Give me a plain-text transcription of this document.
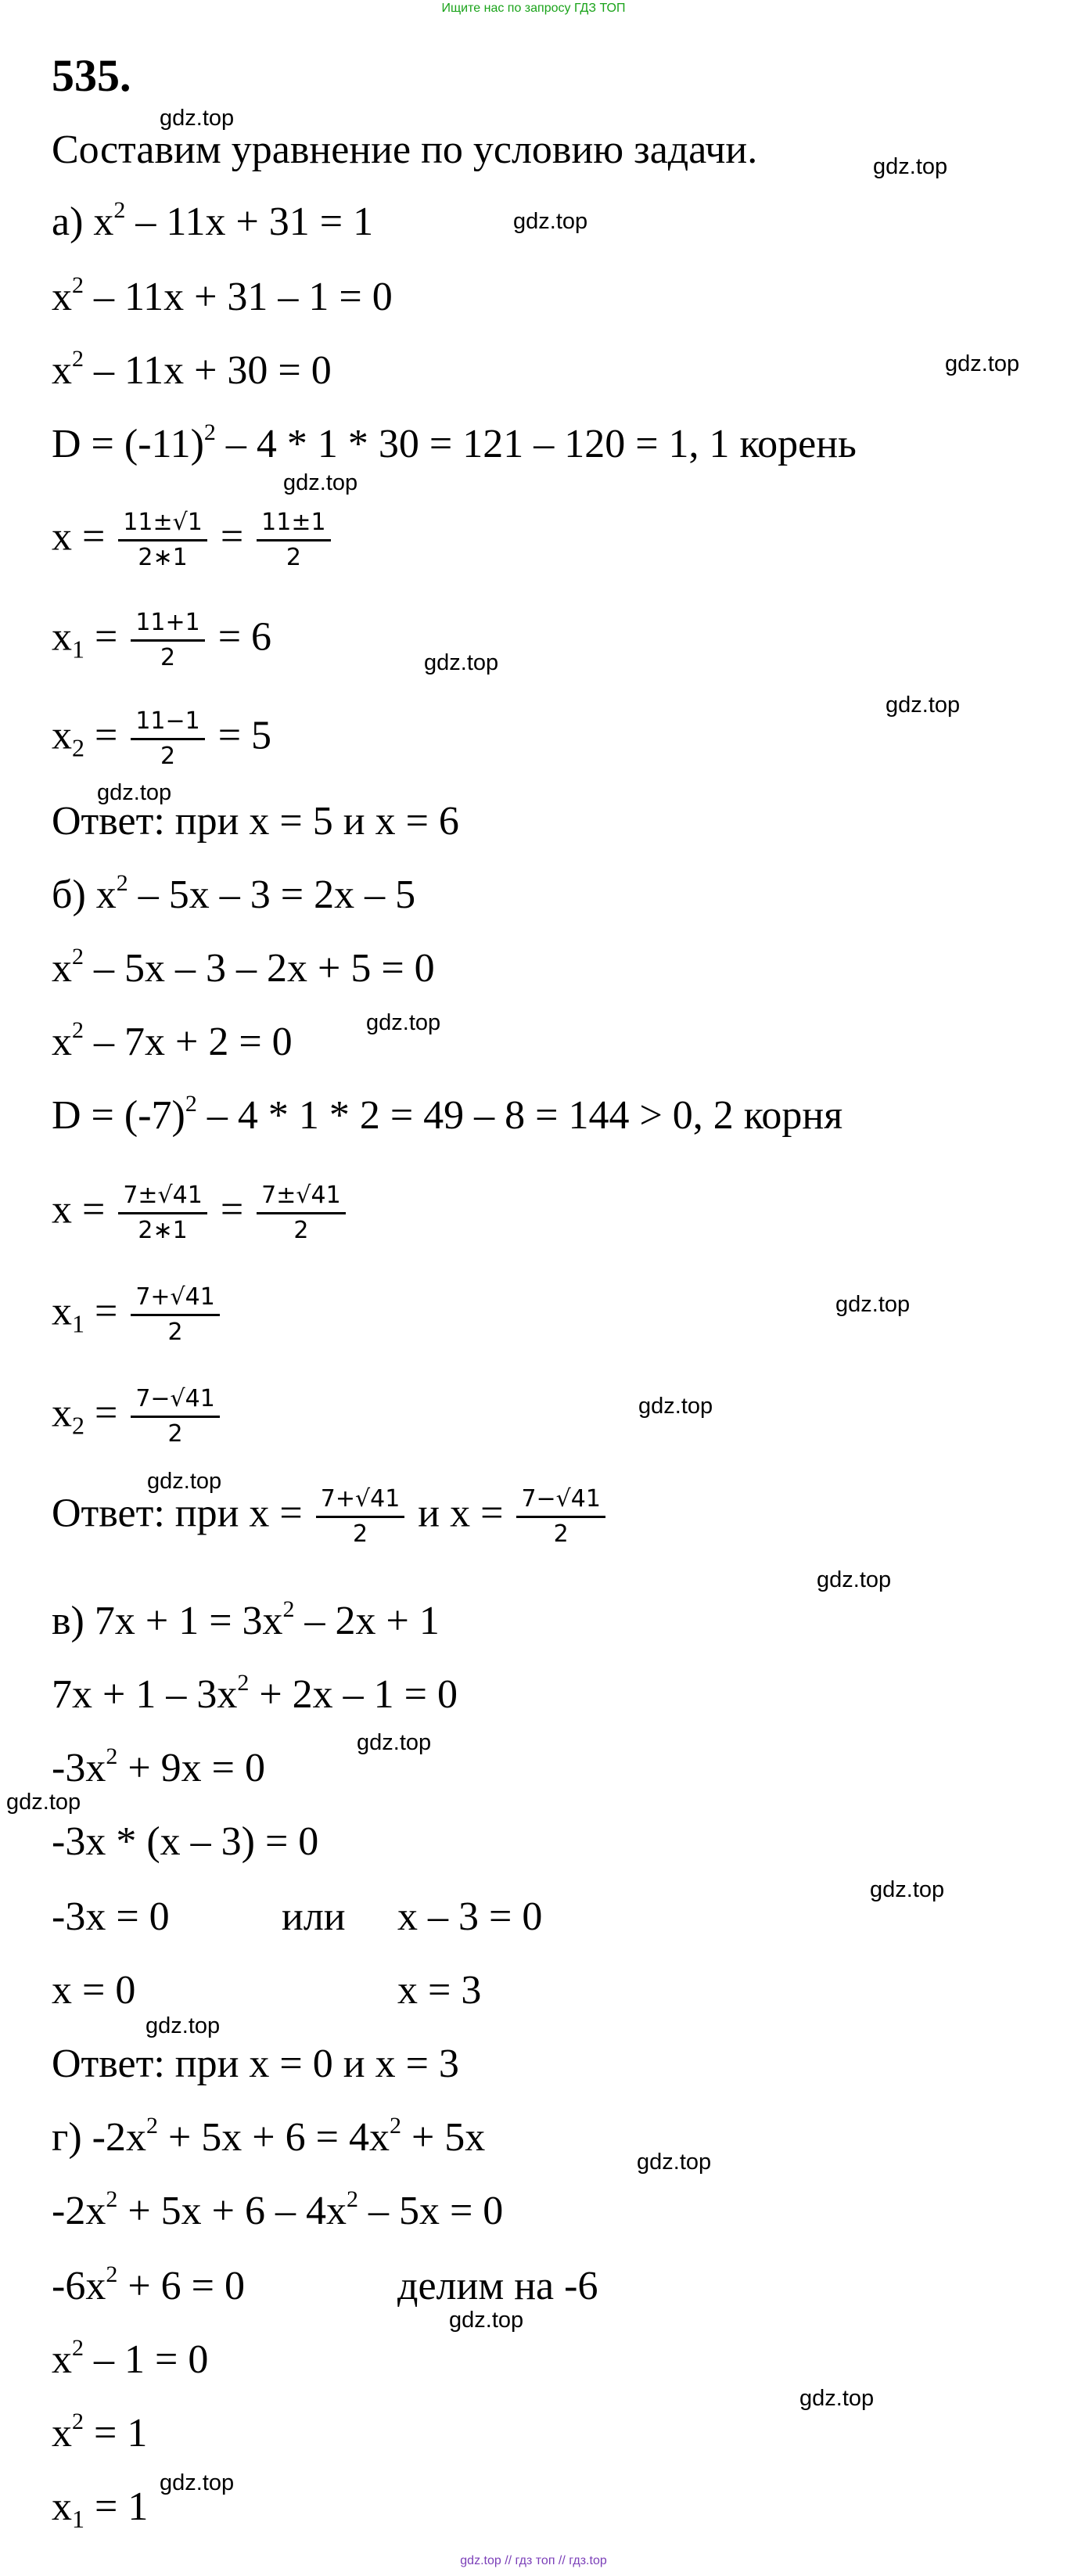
Ищите нас по запросу ГДЗ ТОП
535.
Составим уравнение по условию задачи.
а) $x^2 - 11x + 31 = 1$
$x^2 - 11x + 31 - 1 = 0$
$x^2 - 11x + 30 = 0$
$D = (-11)^2 - 4 * 1 * 30 = 121 - 120 = 1$, 1 корень
$x = \frac{11\pm√1}{2∗1} = \frac{11\pm 1}{2}$
$x_1 = \frac{11+1}{2} = 6$
$x_2 = \frac{11-1}{2} = 5$
Ответ: при x = 5 и x = 6
б) $x^2 - 5x - 3 = 2x - 5$
$x^2 - 5x - 3 - 2x + 5 = 0$
$x^2 - 7x + 2 = 0$
$D = (-7)^2 - 4 * 1 * 2 = 49 - 8 = 144 > 0$, 2 корня
$x = \frac{7\pm√41}{2∗1} = \frac{7\pm√41}{2}$
$x_1 = \frac{7+√41}{2}$
$x_2 = \frac{7-√41}{2}$
Ответ: при $x = \frac{7+√41}{2}$ и $x = \frac{7-√41}{2}$
в) $7x + 1 = 3x^2 - 2x + 1$
$7x + 1 - 3x^2 + 2x - 1 = 0$
$-3x^2 + 9x = 0$
-3x * (x – 3) = 0
-3x = 0	или x – 3 = 0
x = 0	x = 3
Ответ: при x = 0 и x = 3
г) $-2x^2 + 5x + 6 = 4x^2 + 5x$
$-2x^2 + 5x + 6 - 4x^2 - 5x = 0$
$-6x^2 + 6 = 0$	делим на -6
$x^2 - 1 = 0$
$x^2 = 1$
$x_1 = 1$
gdz.top
gdz.top
gdz.top
gdz.top
gdz.top
gdz.top
gdz.top
gdz.top
gdz.top
gdz.top
gdz.top
gdz.top
gdz.top
gdz.top
gdz.top
gdz.top
gdz.top
gdz.top
gdz.top
gdz.top
gdz.top
gdz.top // гдз топ // гдз.top
